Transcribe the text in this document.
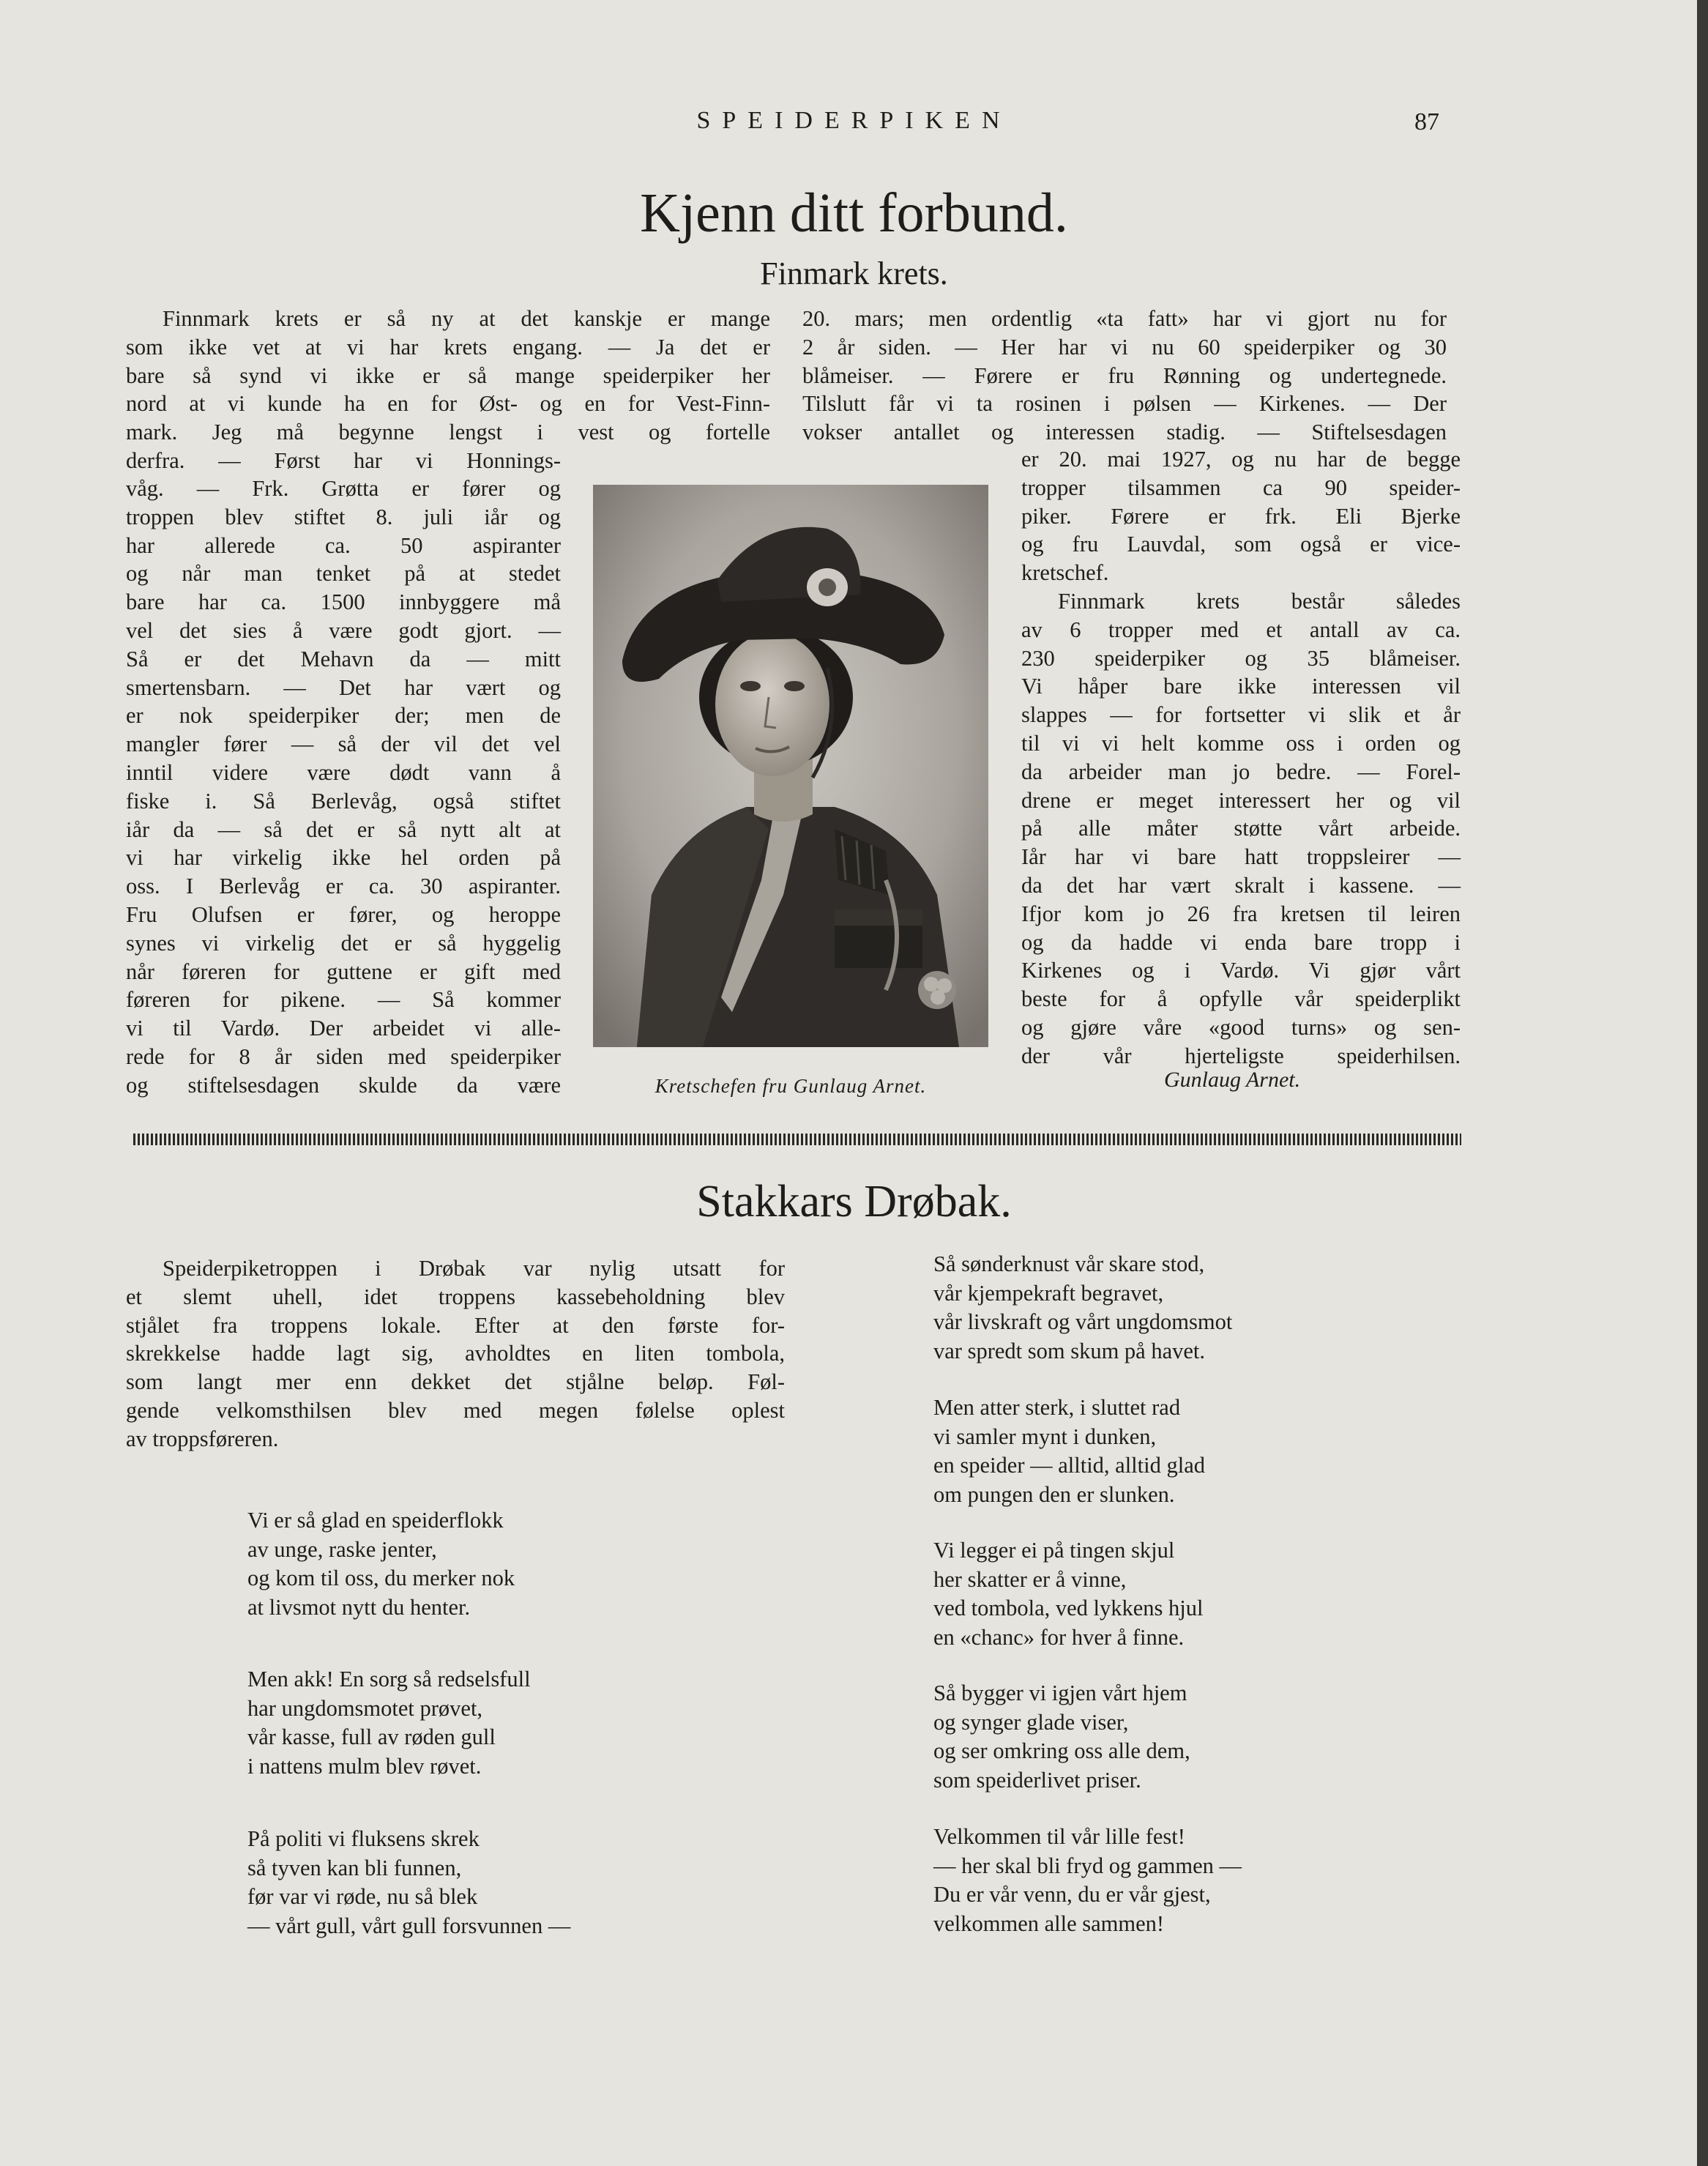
SPEIDERPIKEN	87
Kjenn ditt forbund.
Finmark krets.
Finnmark krets er så ny at det kanskje er mange
som ikke vet at vi har krets engang. — Ja det er
bare så synd vi ikke er så mange speiderpiker her
nord at vi kunde ha en for Øst- og en for Vest-Finn-
mark. Jeg må begynne lengst i vest og fortelle
derfra. — Først har vi Honnings-
våg. — Frk. Grøtta er fører og
troppen blev stiftet 8. juli iår og
har allerede ca. 50 aspiranter
og når man tenket på at stedet
bare har ca. 1500 innbyggere må
vel det sies å være godt gjort. —
Så er det Mehavn da — mitt
smertensbarn. — Det har vært og
er nok speiderpiker der; men de
mangler fører — så der vil det vel
inntil videre være dødt vann å
fiske i. Så Berlevåg, også stiftet
iår da — så det er så nytt alt at
vi har virkelig ikke hel orden på
oss. I Berlevåg er ca. 30 aspiranter.
Fru Olufsen er fører, og heroppe
synes vi virkelig det er så hyggelig
når føreren for guttene er gift med
føreren for pikene. — Så kommer
vi til Vardø. Der arbeidet vi alle-
rede for 8 år siden med speiderpiker
og stiftelsesdagen skulde da være
20. mars; men ordentlig «ta fatt» har vi gjort nu for
2 år siden. — Her har vi nu 60 speiderpiker og 30
blåmeiser. — Førere er fru Rønning og undertegnede.
Tilslutt får vi ta rosinen i pølsen — Kirkenes. — Der
vokser antallet og interessen stadig. — Stiftelsesdagen
er 20. mai 1927, og nu har de begge
tropper tilsammen ca 90 speider-
piker. Førere er frk. Eli Bjerke
og fru Lauvdal, som også er vice-
kretschef.
Finnmark krets består således
av 6 tropper med et antall av ca.
230 speiderpiker og 35 blåmeiser.
Vi håper bare ikke interessen vil
slappes — for fortsetter vi slik et år
til vi vi helt komme oss i orden og
da arbeider man jo bedre. — Forel-
drene er meget interessert her og vil
på alle måter støtte vårt arbeide.
Iår har vi bare hatt troppsleirer —
da det har vært skralt i kassene. —
Ifjor kom jo 26 fra kretsen til leiren
og da hadde vi enda bare tropp i
Kirkenes og i Vardø. Vi gjør vårt
beste for å opfylle vår speiderplikt
og gjøre våre «good turns» og sen-
der vår hjerteligste speiderhilsen.
Gunlaug Arnet.
Kretschefen fru Gunlaug Arnet.
Stakkars Drøbak.
Speiderpiketroppen i Drøbak var nylig utsatt for
et slemt uhell, idet troppens kassebeholdning blev
stjålet fra troppens lokale. Efter at den første for-
skrekkelse hadde lagt sig, avholdtes en liten tombola,
som langt mer enn dekket det stjålne beløp. Føl-
gende velkomsthilsen blev med megen følelse oplest
av troppsføreren.
Vi er så glad en speiderflokk
av unge, raske jenter,
og kom til oss, du merker nok
at livsmot nytt du henter.
Men akk! En sorg så redselsfull
har ungdomsmotet prøvet,
vår kasse, full av røden gull
i nattens mulm blev røvet.
På politi vi fluksens skrek
så tyven kan bli funnen,
før var vi røde, nu så blek
— vårt gull, vårt gull forsvunnen —
Så sønderknust vår skare stod,
vår kjempekraft begravet,
vår livskraft og vårt ungdomsmot
var spredt som skum på havet.
Men atter sterk, i sluttet rad
vi samler mynt i dunken,
en speider — alltid, alltid glad
om pungen den er slunken.
Vi legger ei på tingen skjul
her skatter er å vinne,
ved tombola, ved lykkens hjul
en «chanc» for hver å finne.
Så bygger vi igjen vårt hjem
og synger glade viser,
og ser omkring oss alle dem,
som speiderlivet priser.
Velkommen til vår lille fest!
— her skal bli fryd og gammen —
Du er vår venn, du er vår gjest,
velkommen alle sammen!
